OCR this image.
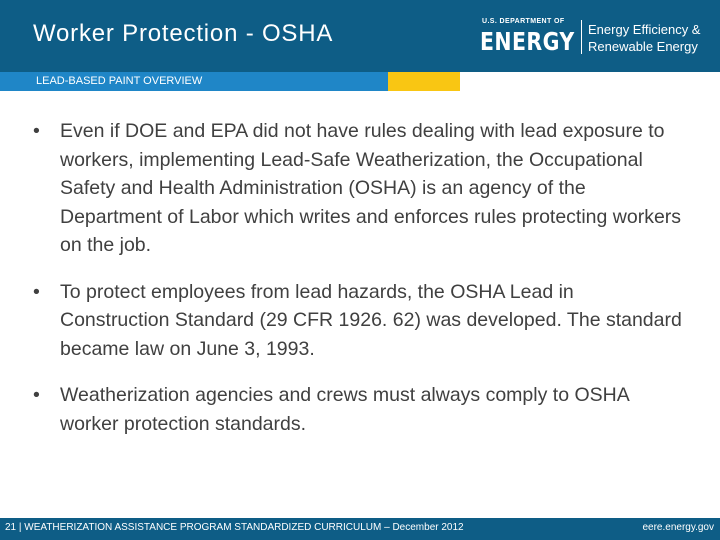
Worker Protection - OSHA	U.S. DEPARTMENT OF
ENERGY Energy Efficiency &
Renewable Energy
LEAD-BASED PAINT OVERVIEW
• Even if DOE and EPA did not have rules dealing with lead exposure to workers, implementing Lead-Safe Weatherization, the Occupational Safety and Health Administration (OSHA) is an agency of the Department of Labor which writes and enforces rules protecting workers on the job.
• To protect employees from lead hazards, the OSHA Lead in Construction Standard (29 CFR 1926. 62) was developed. The standard became law on June 3, 1993.
• Weatherization agencies and crews must always comply to OSHA worker protection standards.
21 | WEATHERIZATION ASSISTANCE PROGRAM STANDARDIZED CURRICULUM – December 2012	eere.energy.gov
